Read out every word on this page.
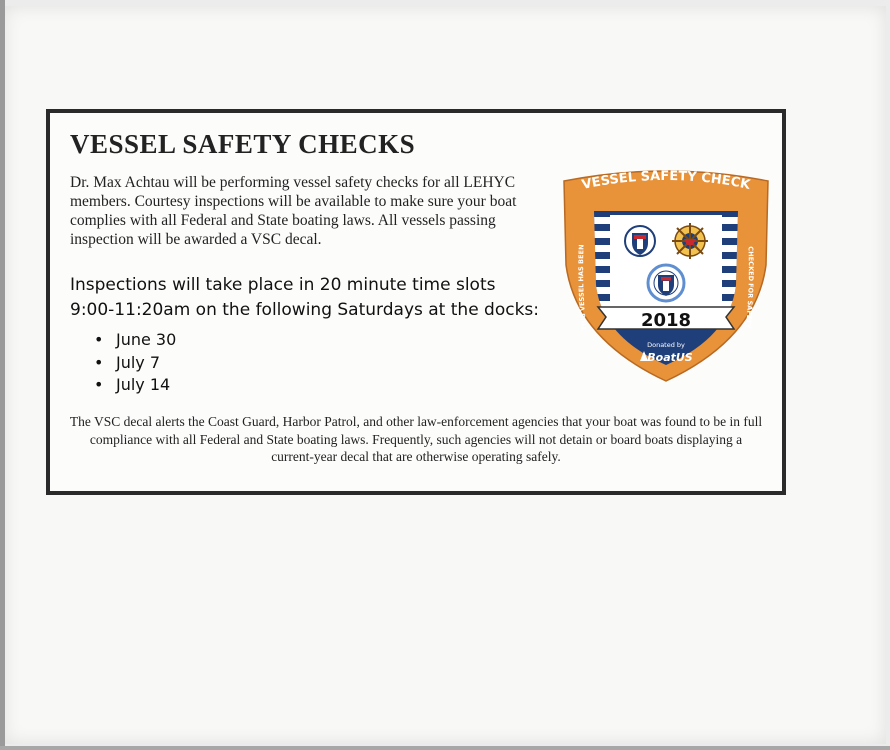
VESSEL SAFETY CHECKS

Dr. Max Achtau will be performing vessel safety checks for all LEHYC members. Courtesy inspections will be available to make sure your boat complies with all Federal and State boating laws. All vessels passing inspection will be awarded a VSC decal.

Inspections will take place in 20 minute time slots
9:00-11:20am on the following Saturdays at the docks:

• June 30
• July 7
• July 14
2018
VESSEL SAFETY CHECK
THIS VESSEL HAS BEEN	CHECKED FOR SAFETY
Donated by
BoatUS

The VSC decal alerts the Coast Guard, Harbor Patrol, and other law-enforcement agencies that your boat was found to be in full compliance with all Federal and State boating laws. Frequently, such agencies will not detain or board boats displaying a current-year decal that are otherwise operating safely.
